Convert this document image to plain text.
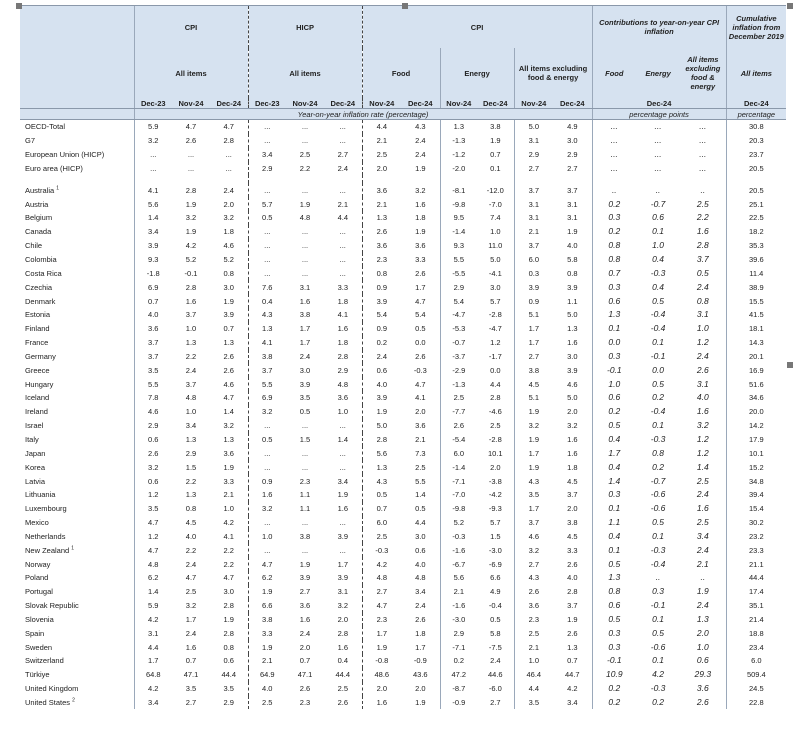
	CPI			HICP			CPI						Contributions to year-on-year CPI inflation			Cumulative inflation from December 2019
	All items			All items			Food		Energy		All items excluding food & energy		Food	Energy	All items excluding food & energy	All items
	Dec-23	Nov-24	Dec-24	Dec-23	Nov-24	Dec-24	Nov-24	Dec-24	Nov-24	Dec-24	Nov-24	Dec-24	Dec-24			Dec-24
	Year-on-year inflation rate (percentage)												percentage points			percentage
OECD-Total	5.9	4.7	4.7	...	...	...	4.4	4.3	1.3	3.8	5.0	4.9	...	...	...	30.8
G7	3.2	2.6	2.8	...	...	...	2.1	2.4	-1.3	1.9	3.1	3.0	...	...	...	20.3
European Union (HICP)	...	...	...	3.4	2.5	2.7	2.5	2.4	-1.2	0.7	2.9	2.9	...	...	...	23.7
Euro area (HICP)	...	...	...	2.9	2.2	2.4	2.0	1.9	-2.0	0.1	2.7	2.7	...	...	...	20.5

Australia $^1$	4.1	2.8	2.4	...	...	...	3.6	3.2	-8.1	-12.0	3.7	3.7	..	..	..	20.5
Austria	5.6	1.9	2.0	5.7	1.9	2.1	2.1	1.6	-9.8	-7.0	3.1	3.1	0.2	-0.7	2.5	25.1
Belgium	1.4	3.2	3.2	0.5	4.8	4.4	1.3	1.8	9.5	7.4	3.1	3.1	0.3	0.6	2.2	22.5
Canada	3.4	1.9	1.8	...	...	...	2.6	1.9	-1.4	1.0	2.1	1.9	0.2	0.1	1.6	18.2
Chile	3.9	4.2	4.6	...	...	...	3.6	3.6	9.3	11.0	3.7	4.0	0.8	1.0	2.8	35.3
Colombia	9.3	5.2	5.2	...	...	...	2.3	3.3	5.5	5.0	6.0	5.8	0.8	0.4	3.7	39.6
Costa Rica	-1.8	-0.1	0.8	...	...	...	0.8	2.6	-5.5	-4.1	0.3	0.8	0.7	-0.3	0.5	11.4
Czechia	6.9	2.8	3.0	7.6	3.1	3.3	0.9	1.7	2.9	3.0	3.9	3.9	0.3	0.4	2.4	38.9
Denmark	0.7	1.6	1.9	0.4	1.6	1.8	3.9	4.7	5.4	5.7	0.9	1.1	0.6	0.5	0.8	15.5
Estonia	4.0	3.7	3.9	4.3	3.8	4.1	5.4	5.4	-4.7	-2.8	5.1	5.0	1.3	-0.4	3.1	41.5
Finland	3.6	1.0	0.7	1.3	1.7	1.6	0.9	0.5	-5.3	-4.7	1.7	1.3	0.1	-0.4	1.0	18.1
France	3.7	1.3	1.3	4.1	1.7	1.8	0.2	0.0	-0.7	1.2	1.7	1.6	0.0	0.1	1.2	14.3
Germany	3.7	2.2	2.6	3.8	2.4	2.8	2.4	2.6	-3.7	-1.7	2.7	3.0	0.3	-0.1	2.4	20.1
Greece	3.5	2.4	2.6	3.7	3.0	2.9	0.6	-0.3	-2.9	0.0	3.8	3.9	-0.1	0.0	2.6	16.9
Hungary	5.5	3.7	4.6	5.5	3.9	4.8	4.0	4.7	-1.3	4.4	4.5	4.6	1.0	0.5	3.1	51.6
Iceland	7.8	4.8	4.7	6.9	3.5	3.6	3.9	4.1	2.5	2.8	5.1	5.0	0.6	0.2	4.0	34.6
Ireland	4.6	1.0	1.4	3.2	0.5	1.0	1.9	2.0	-7.7	-4.6	1.9	2.0	0.2	-0.4	1.6	20.0
Israel	2.9	3.4	3.2	...	...	...	5.0	3.6	2.6	2.5	3.2	3.2	0.5	0.1	3.2	14.2
Italy	0.6	1.3	1.3	0.5	1.5	1.4	2.8	2.1	-5.4	-2.8	1.9	1.6	0.4	-0.3	1.2	17.9
Japan	2.6	2.9	3.6	...	...	...	5.6	7.3	6.0	10.1	1.7	1.6	1.7	0.8	1.2	10.1
Korea	3.2	1.5	1.9	...	...	...	1.3	2.5	-1.4	2.0	1.9	1.8	0.4	0.2	1.4	15.2
Latvia	0.6	2.2	3.3	0.9	2.3	3.4	4.3	5.5	-7.1	-3.8	4.3	4.5	1.4	-0.7	2.5	34.8
Lithuania	1.2	1.3	2.1	1.6	1.1	1.9	0.5	1.4	-7.0	-4.2	3.5	3.7	0.3	-0.6	2.4	39.4
Luxembourg	3.5	0.8	1.0	3.2	1.1	1.6	0.7	0.5	-9.8	-9.3	1.7	2.0	0.1	-0.6	1.6	15.4
Mexico	4.7	4.5	4.2	...	...	...	6.0	4.4	5.2	5.7	3.7	3.8	1.1	0.5	2.5	30.2
Netherlands	1.2	4.0	4.1	1.0	3.8	3.9	2.5	3.0	-0.3	1.5	4.6	4.5	0.4	0.1	3.4	23.2
New Zealand $^1$	4.7	2.2	2.2	...	...	...	-0.3	0.6	-1.6	-3.0	3.2	3.3	0.1	-0.3	2.4	23.3
Norway	4.8	2.4	2.2	4.7	1.9	1.7	4.2	4.0	-6.7	-6.9	2.7	2.6	0.5	-0.4	2.1	21.1
Poland	6.2	4.7	4.7	6.2	3.9	3.9	4.8	4.8	5.6	6.6	4.3	4.0	1.3	..	..	44.4
Portugal	1.4	2.5	3.0	1.9	2.7	3.1	2.7	3.4	2.1	4.9	2.6	2.8	0.8	0.3	1.9	17.4
Slovak Republic	5.9	3.2	2.8	6.6	3.6	3.2	4.7	2.4	-1.6	-0.4	3.6	3.7	0.6	-0.1	2.4	35.1
Slovenia	4.2	1.7	1.9	3.8	1.6	2.0	2.3	2.6	-3.0	0.5	2.3	1.9	0.5	0.1	1.3	21.4
Spain	3.1	2.4	2.8	3.3	2.4	2.8	1.7	1.8	2.9	5.8	2.5	2.6	0.3	0.5	2.0	18.8
Sweden	4.4	1.6	0.8	1.9	2.0	1.6	1.9	1.7	-7.1	-7.5	2.1	1.3	0.3	-0.6	1.0	23.4
Switzerland	1.7	0.7	0.6	2.1	0.7	0.4	-0.8	-0.9	0.2	2.4	1.0	0.7	-0.1	0.1	0.6	6.0
Türkiye	64.8	47.1	44.4	64.9	47.1	44.4	48.6	43.6	47.2	44.6	46.4	44.7	10.9	4.2	29.3	509.4
United Kingdom	4.2	3.5	3.5	4.0	2.6	2.5	2.0	2.0	-8.7	-6.0	4.4	4.2	0.2	-0.3	3.6	24.5
United States $^2$	3.4	2.7	2.9	2.5	2.3	2.6	1.6	1.9	-0.9	2.7	3.5	3.4	0.2	0.2	2.6	22.8
